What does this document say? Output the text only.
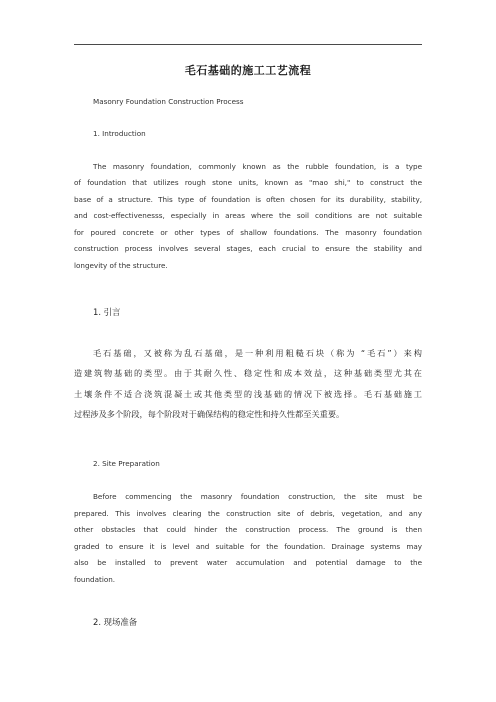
毛石基础的施工工艺流程
Masonry Foundation Construction Process
1. Introduction
The masonry foundation, commonly known as the rubble foundation, is a type
of foundation that utilizes rough stone units, known as "mao shi," to construct the
base of a structure. This type of foundation is often chosen for its durability, stability,
and cost-effectivenesss, especially in areas where the soil conditions are not suitable
for poured concrete or other types of shallow foundations. The masonry foundation
construction process involves several stages, each crucial to ensure the stability and
longevity of the structure.
1. 引言
毛石基础，又被称为乱石基础，是一种利用粗糙石块（称为 “毛石”）来构
造建筑物基础的类型。由于其耐久性、稳定性和成本效益，这种基础类型尤其在
土壤条件不适合浇筑混凝土或其他类型的浅基础的情况下被选择。毛石基础施工
过程涉及多个阶段，每个阶段对于确保结构的稳定性和持久性都至关重要。
2. Site Preparation
Before commencing the masonry foundation construction, the site must be
prepared. This involves clearing the construction site of debris, vegetation, and any
other obstacles that could hinder the construction process. The ground is then
graded to ensure it is level and suitable for the foundation. Drainage systems may
also be installed to prevent water accumulation and potential damage to the
foundation.
2. 现场准备
